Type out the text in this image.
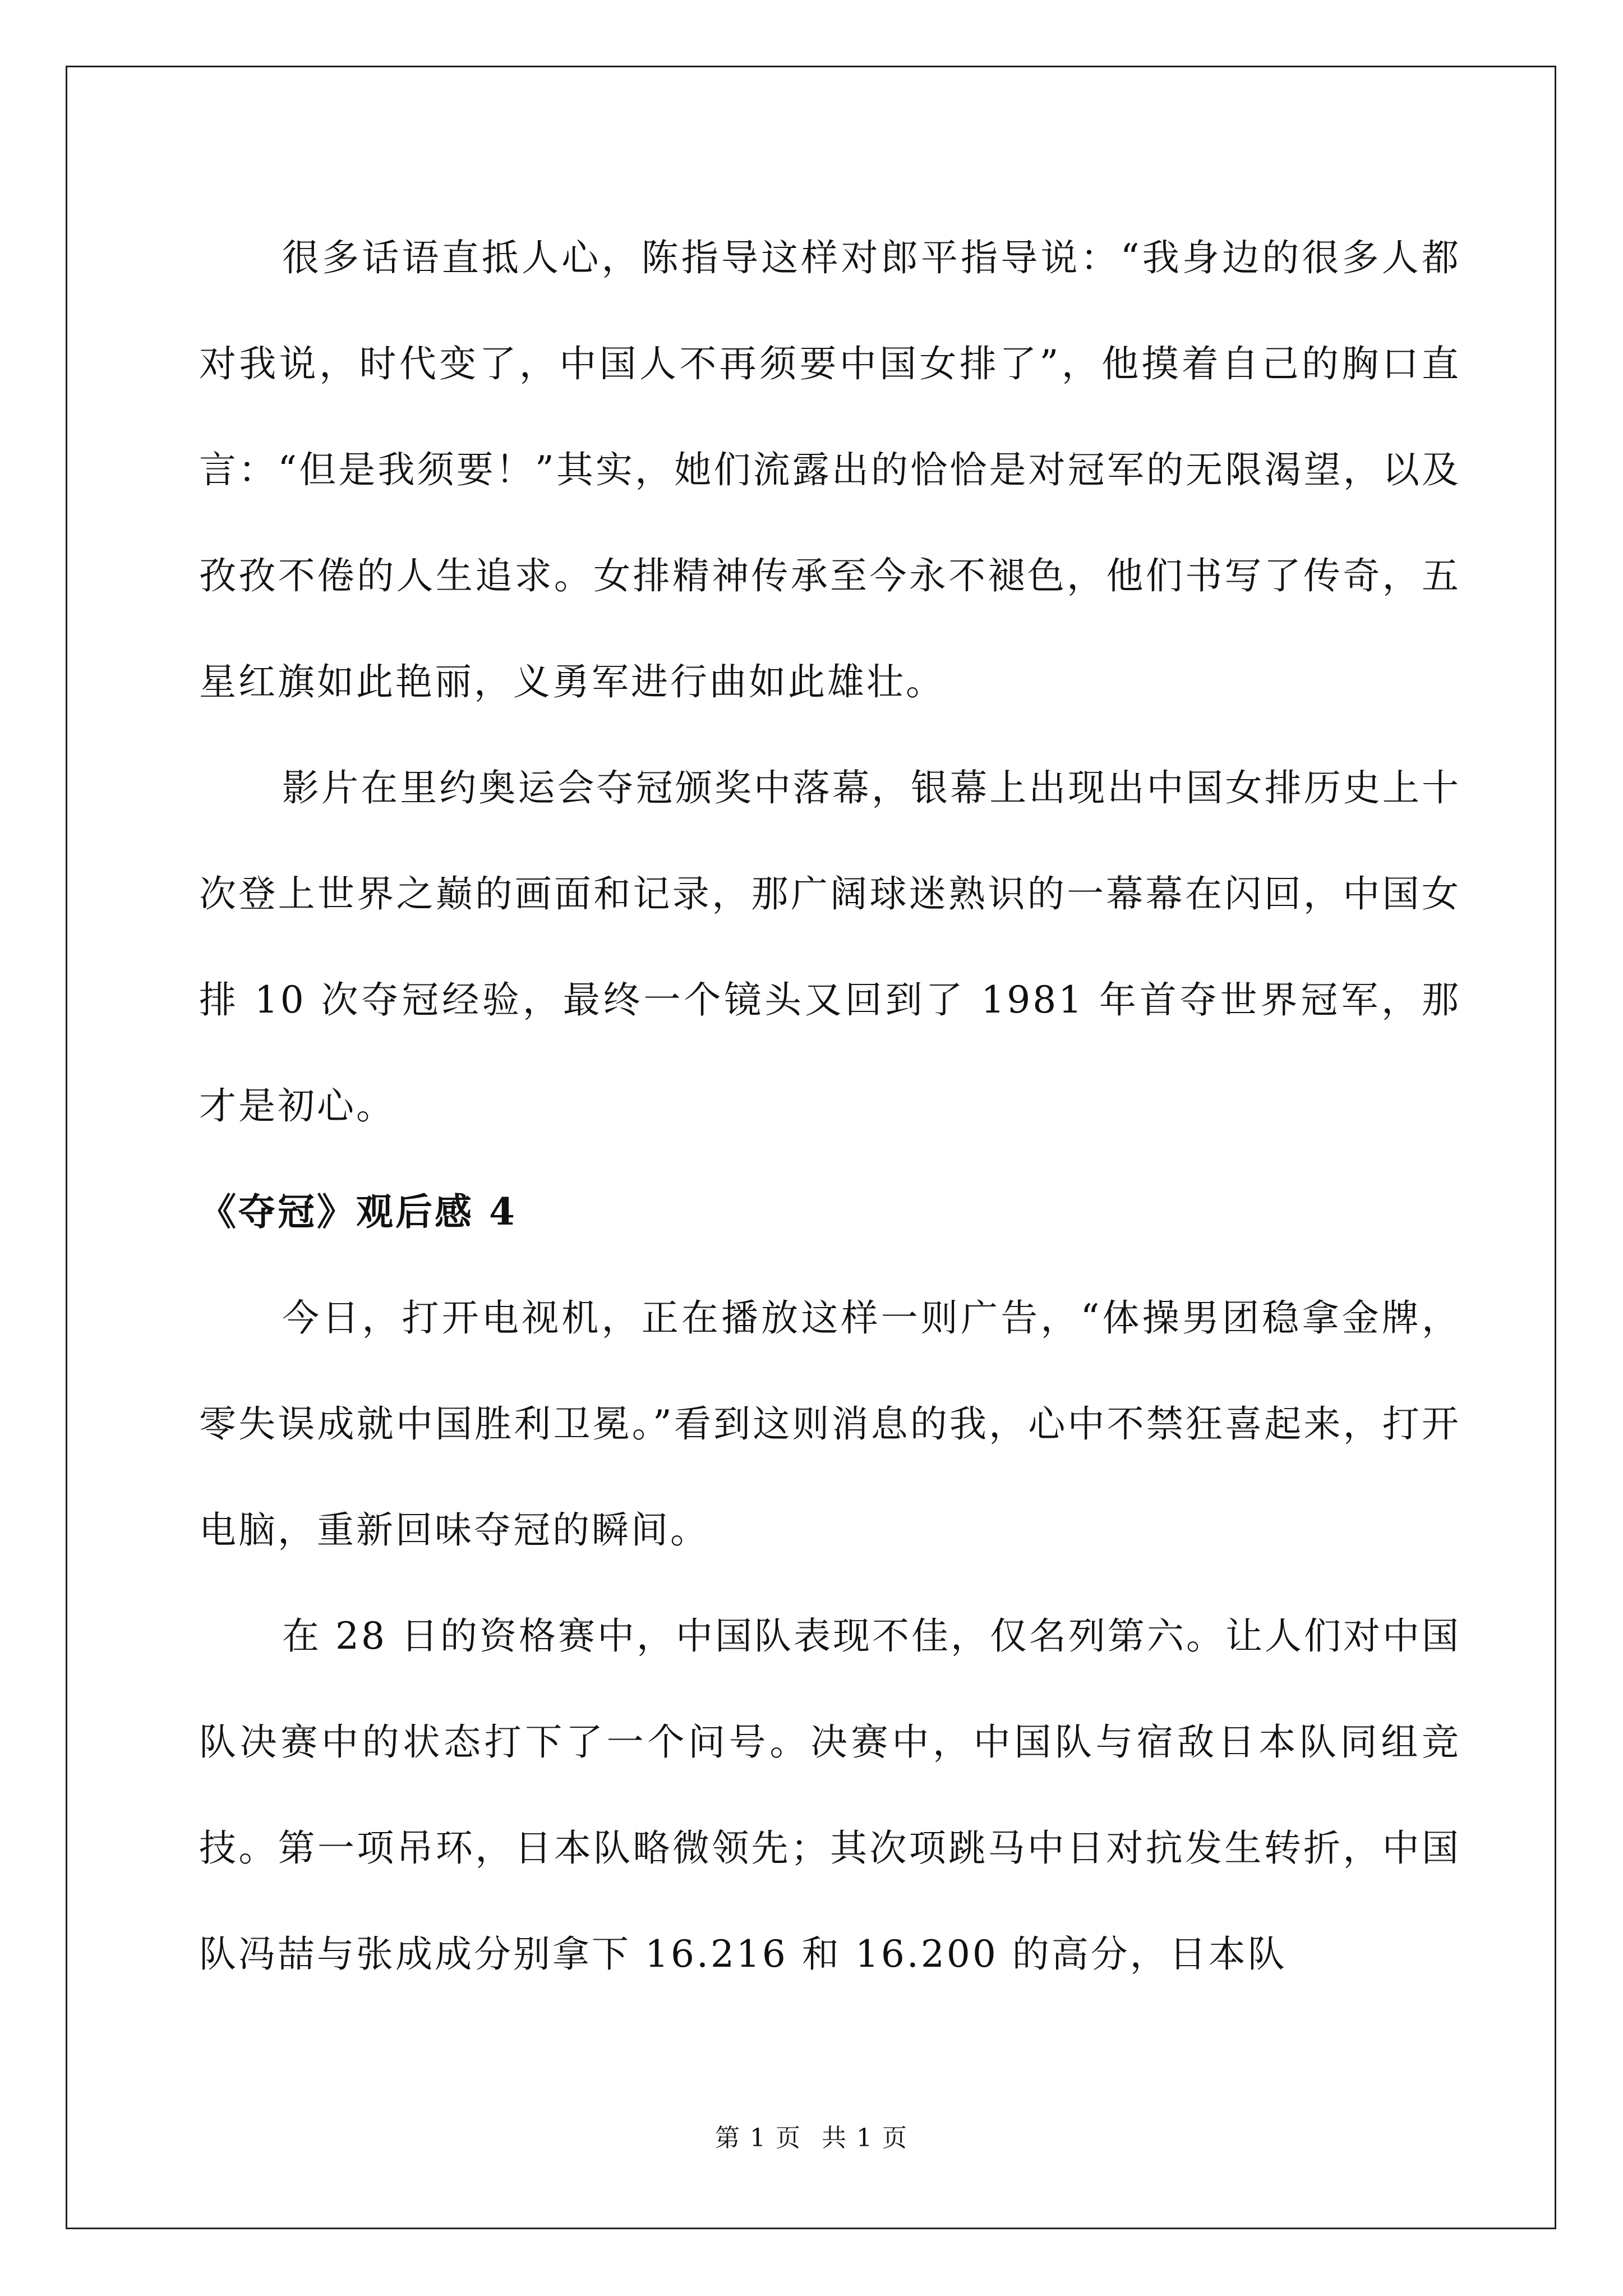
很多话语直抵人心，陈指导这样对郎平指导说：“我身边的很多人都对我说，时代变了，中国人不再须要中国女排了”，他摸着自己的胸口直言：“但是我须要！”其实，她们流露出的恰恰是对冠军的无限渴望，以及孜孜不倦的人生追求。女排精神传承至今永不褪色，他们书写了传奇，五星红旗如此艳丽，义勇军进行曲如此雄壮。

影片在里约奥运会夺冠颁奖中落幕，银幕上出现出中国女排历史上十次登上世界之巅的画面和记录，那广阔球迷熟识的一幕幕在闪回，中国女排 10 次夺冠经验，最终一个镜头又回到了 1981 年首夺世界冠军，那才是初心。

《夺冠》观后感 4

今日，打开电视机，正在播放这样一则广告，“体操男团稳拿金牌，零失误成就中国胜利卫冕。”看到这则消息的我，心中不禁狂喜起来，打开电脑，重新回味夺冠的瞬间。

在 28 日的资格赛中，中国队表现不佳，仅名列第六。让人们对中国队决赛中的状态打下了一个问号。决赛中，中国队与宿敌日本队同组竞技。第一项吊环，日本队略微领先；其次项跳马中日对抗发生转折，中国队冯喆与张成成分别拿下 16.216 和 16.200 的高分，日本队

第 1 页 共 1 页
